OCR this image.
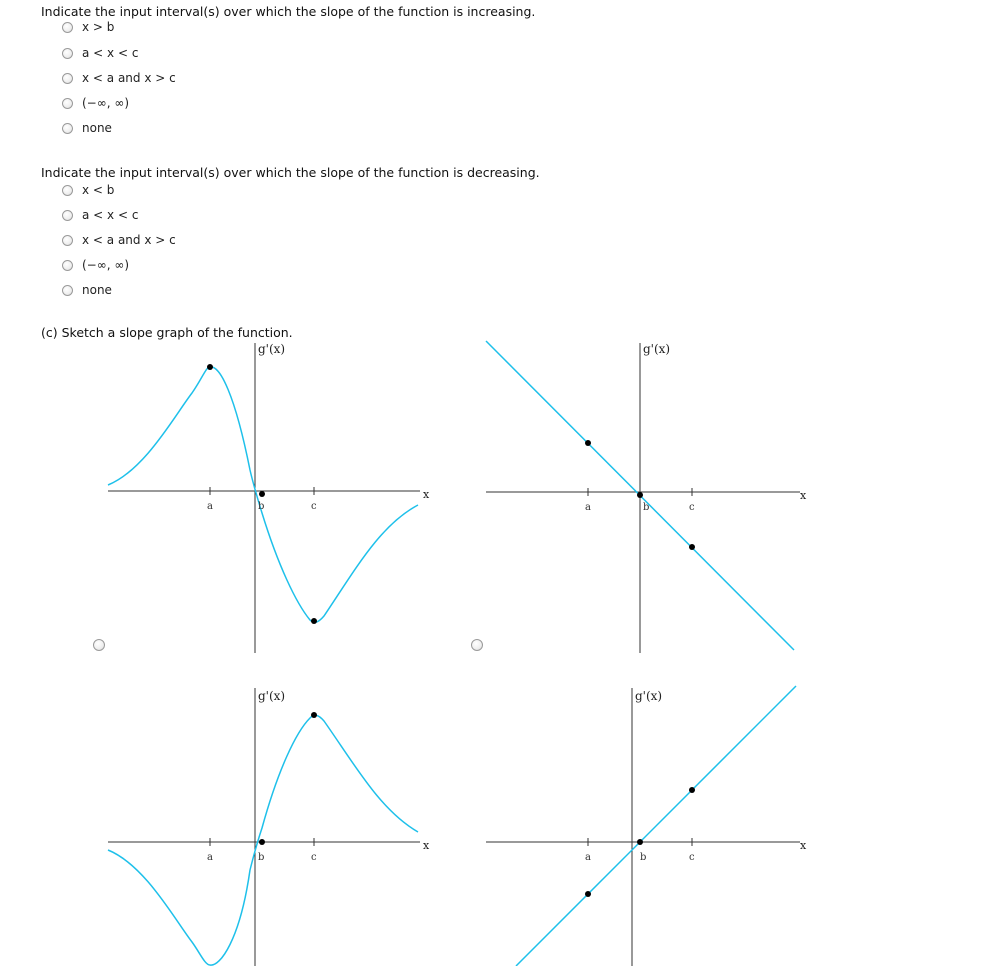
Indicate the input interval(s) over which the slope of the function is increasing.
x > b
a < x < c
x < a and x > c
(−∞, ∞)
none
Indicate the input interval(s) over which the slope of the function is decreasing.
x < b
a < x < c
x < a and x > c
(−∞, ∞)
none
(c) Sketch a slope graph of the function.
g'(x)
x
a	b	c
g'(x)
x
a	b	c
g'(x)
x
a	b	c
g'(x)
x
a	b	c
